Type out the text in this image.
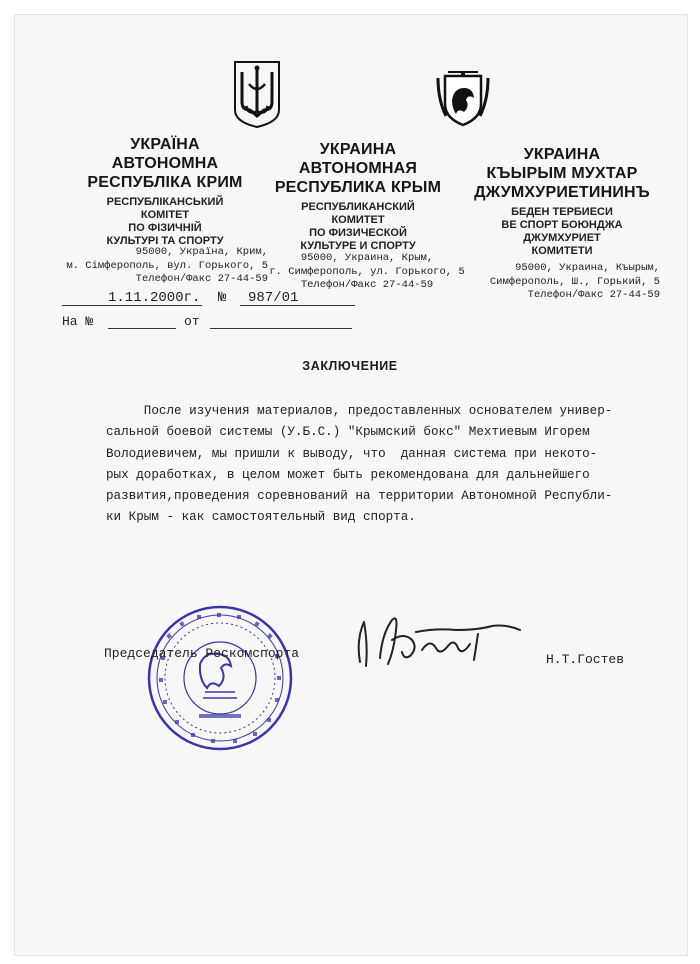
УКРАЇНА
АВТОНОМНА
РЕСПУБЛІКА КРИМ
РЕСПУБЛІКАНСЬКИЙ
КОМІТЕТ
ПО ФІЗИЧНІЙ
КУЛЬТУРІ ТА СПОРТУ
95000, Україна, Крим,
м. Сімферополь, вул. Горького, 5
Телефон/Факс 27-44-59
УКРАИНА
АВТОНОМНАЯ
РЕСПУБЛИКА КРЫМ
РЕСПУБЛИКАНСКИЙ
КОМИТЕТ
ПО ФИЗИЧЕСКОЙ
КУЛЬТУРЕ И СПОРТУ
95000, Украина, Крым,
г. Симферополь, ул. Горького, 5
Телефон/Факс 27-44-59
УКРАИНА
КЪЫРЫМ МУХТАР
ДЖУМХУРИЕТИНИНЪ
БЕДЕН ТЕРБИЕСИ
ВЕ СПОРТ БОЮНДЖА
ДЖУМХУРИЕТ
КОМИТЕТИ
95000, Украина, Къырым,
Симферополь, Ш., Горький, 5
Телефон/Факс 27-44-59
1.11.2000г. № 987/01
На №	от
ЗАКЛЮЧЕНИЕ
После изучения материалов, предоставленных основателем универ-
сальной боевой системы (У.Б.С.) "Крымский бокс" Мехтиевым Игорем
Володиевичем, мы пришли к выводу, что  данная система при некото-
рых доработках, в целом может быть рекомендована для дальнейшего
развития,проведения соревнований на территории Автономной Республи-
ки Крым - как самостоятельный вид спорта.
Председатель Рескомспорта	Н.Т.Гостев
